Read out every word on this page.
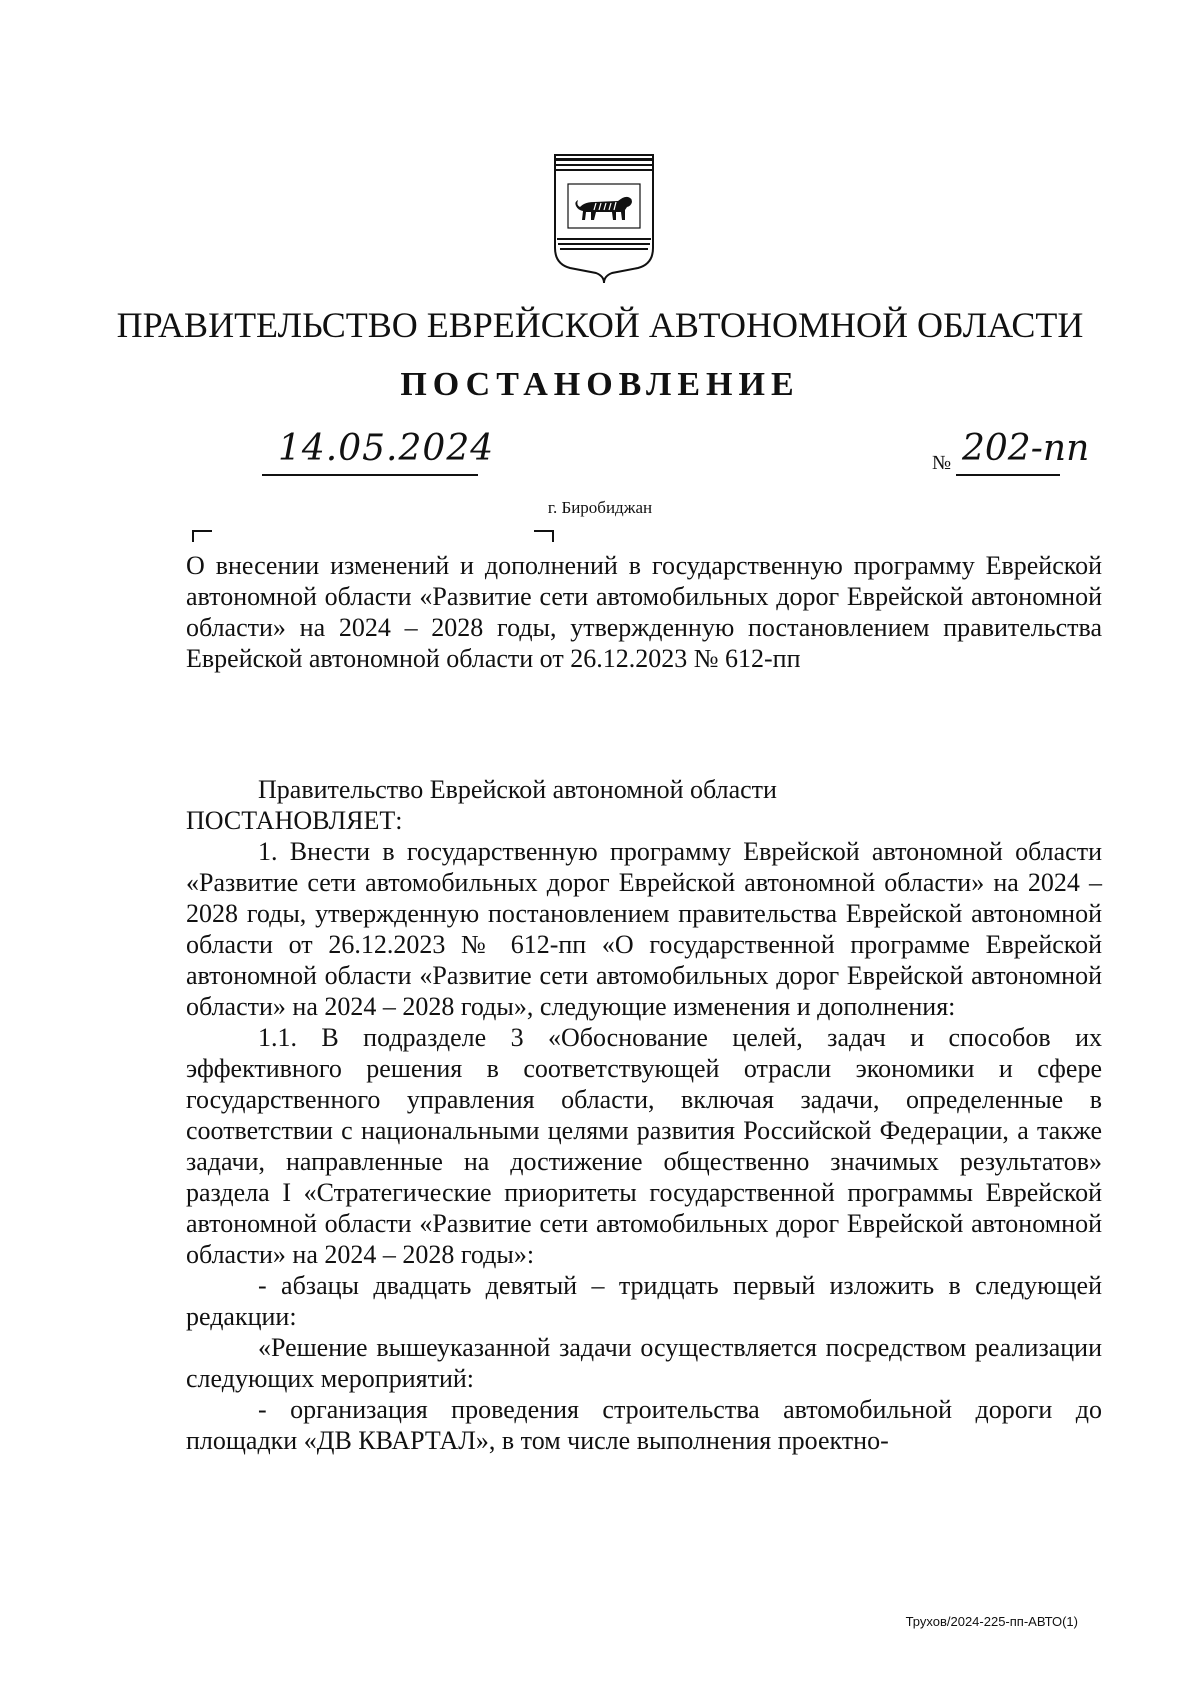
ПРАВИТЕЛЬСТВО ЕВРЕЙСКОЙ АВТОНОМНОЙ ОБЛАСТИ
ПОСТАНОВЛЕНИЕ
14.05.2024	№ 202-пп
г. Биробиджан
О внесении изменений и дополнений в государственную программу Еврейской автономной области «Развитие сети автомобильных дорог Еврейской автономной области» на 2024 – 2028 годы, утвержденную постановлением правительства Еврейской автономной области от 26.12.2023 № 612-пп

Правительство Еврейской автономной области

ПОСТАНОВЛЯЕТ:

1. Внести в государственную программу Еврейской автономной области «Развитие сети автомобильных дорог Еврейской автономной области» на 2024 – 2028 годы, утвержденную постановлением правительства Еврейской автономной области от 26.12.2023 № 612-пп «О государственной программе Еврейской автономной области «Развитие сети автомобильных дорог Еврейской автономной области» на 2024 – 2028 годы», следующие изменения и дополнения:

1.1. В подразделе 3 «Обоснование целей, задач и способов их эффективного решения в соответствующей отрасли экономики и сфере государственного управления области, включая задачи, определенные в соответствии с национальными целями развития Российской Федерации, а также задачи, направленные на достижение общественно значимых результатов» раздела I «Стратегические приоритеты государственной программы Еврейской автономной области «Развитие сети автомобильных дорог Еврейской автономной области» на 2024 – 2028 годы»:

- абзацы двадцать девятый – тридцать первый изложить в следующей редакции:

«Решение вышеуказанной задачи осуществляется посредством реализации следующих мероприятий:

- организация проведения строительства автомобильной дороги до площадки «ДВ КВАРТАЛ», в том числе выполнения проектно-

Трухов/2024-225-пп-АВТО(1)
